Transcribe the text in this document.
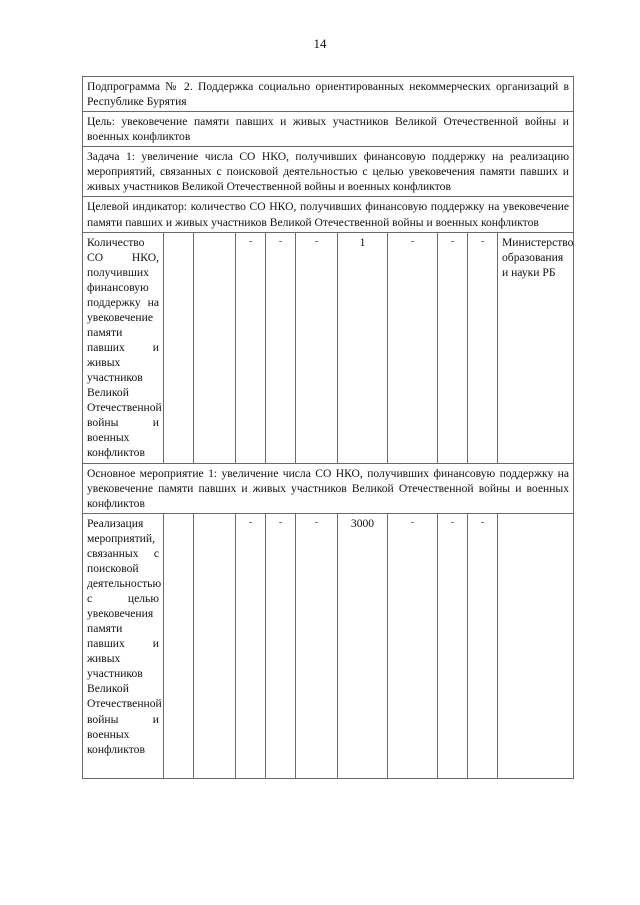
14
Подпрограмма № 2. Поддержка социально ориентированных некоммерческих организаций в Республике Бурятия										
Цель: увековечение памяти павших и живых участников Великой Отечественной войны и военных конфликтов										
Задача 1: увеличение числа СО НКО, получивших финансовую поддержку на реализацию мероприятий, связанных с поисковой деятельностью с целью увековечения памяти павших и живых участников Великой Отечественной войны и военных конфликтов										
Целевой индикатор: количество СО НКО, получивших финансовую поддержку на увековечение памяти павших и живых участников Великой Отечественной войны и военных конфликтов										
Количество СО НКО, получивших финансовую поддержку на увековечение памяти павших и живых участников Великой Отечественной войны и военных конфликтов			-	-	-	1	-	-	-	Министерство образования и науки РБ
Основное мероприятие 1: увеличение числа СО НКО, получивших финансовую поддержку на увековечение памяти павших и живых участников Великой Отечественной войны и военных конфликтов										
Реализация мероприятий, связанных с поисковой деятельностью с целью увековечения памяти павших и живых участников Великой Отечественной войны и военных конфликтов			-	-	-	3000	-	-	-	
